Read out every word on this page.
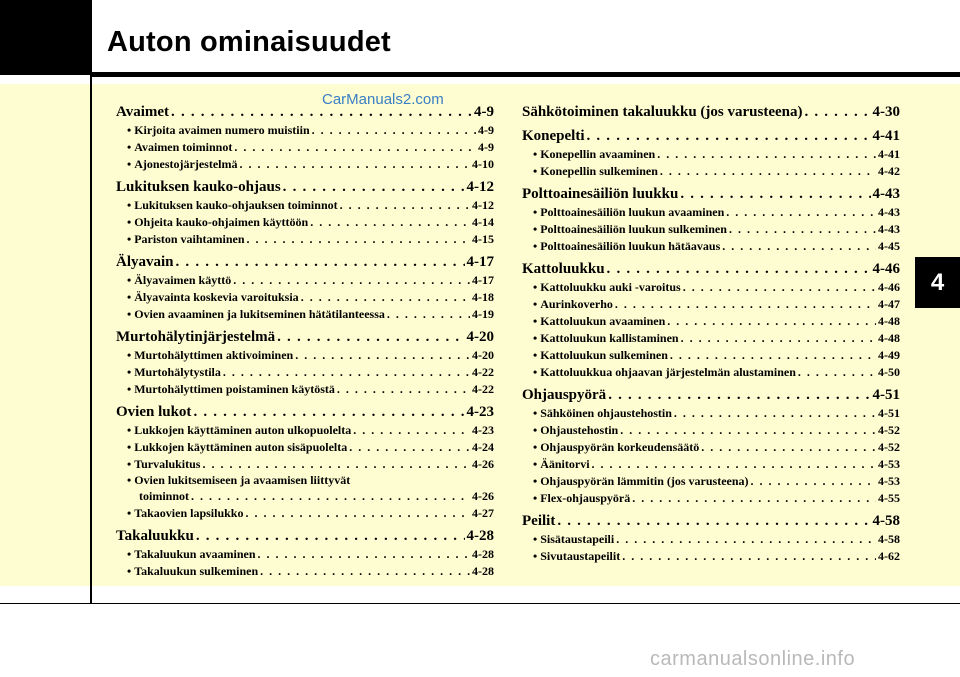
Auton ominaisuudet
4
CarManuals2.com
carmanualsonline.info
Avaimet . . .	4-9
• Kirjoita avaimen numero muistiin . . .	4-9
• Avaimen toiminnot . . .	4-9
• Ajonestojärjestelmä . . .	4-10
Lukituksen kauko-ohjaus . . .	4-12
• Lukituksen kauko-ohjauksen toiminnot . . .	4-12
• Ohjeita kauko-ohjaimen käyttöön . . .	4-14
• Pariston vaihtaminen . . .	4-15
Älyavain . . .	4-17
• Älyavaimen käyttö . . .	4-17
• Älyavainta koskevia varoituksia . . .	4-18
• Ovien avaaminen ja lukitseminen hätätilanteessa . . .	4-19
Murtohälytinjärjestelmä . . .	4-20
• Murtohälyttimen aktivoiminen . . .	4-20
• Murtohälytystila . . .	4-22
• Murtohälyttimen poistaminen käytöstä . . .	4-22
Ovien lukot . . .	4-23
• Lukkojen käyttäminen auton ulkopuolelta . . .	4-23
• Lukkojen käyttäminen auton sisäpuolelta . . .	4-24
• Turvalukitus . . .	4-26
• Ovien lukitsemiseen ja avaamisen liittyvät
toiminnot . . .	4-26
• Takaovien lapsilukko . . .	4-27
Takaluukku . . .	4-28
• Takaluukun avaaminen . . .	4-28
• Takaluukun sulkeminen . . .	4-28
Sähkötoiminen takaluukku (jos varusteena) . . .	4-30
Konepelti . . .	4-41
• Konepellin avaaminen . . .	4-41
• Konepellin sulkeminen . . .	4-42
Polttoainesäiliön luukku . . .	4-43
• Polttoainesäiliön luukun avaaminen . . .	4-43
• Polttoainesäiliön luukun sulkeminen . . .	4-43
• Polttoainesäiliön luukun hätäavaus . . .	4-45
Kattoluukku . . .	4-46
• Kattoluukku auki -varoitus . . .	4-46
• Aurinkoverho . . .	4-47
• Kattoluukun avaaminen . . .	4-48
• Kattoluukun kallistaminen . . .	4-48
• Kattoluukun sulkeminen . . .	4-49
• Kattoluukkua ohjaavan järjestelmän alustaminen . . .	4-50
Ohjauspyörä . . .	4-51
• Sähköinen ohjaustehostin . . .	4-51
• Ohjaustehostin . . .	4-52
• Ohjauspyörän korkeudensäätö . . .	4-52
• Äänitorvi . . .	4-53
• Ohjauspyörän lämmitin (jos varusteena) . . .	4-53
• Flex-ohjauspyörä . . .	4-55
Peilit . . .	4-58
• Sisätaustapeili . . .	4-58
• Sivutaustapeilit . . .	4-62
